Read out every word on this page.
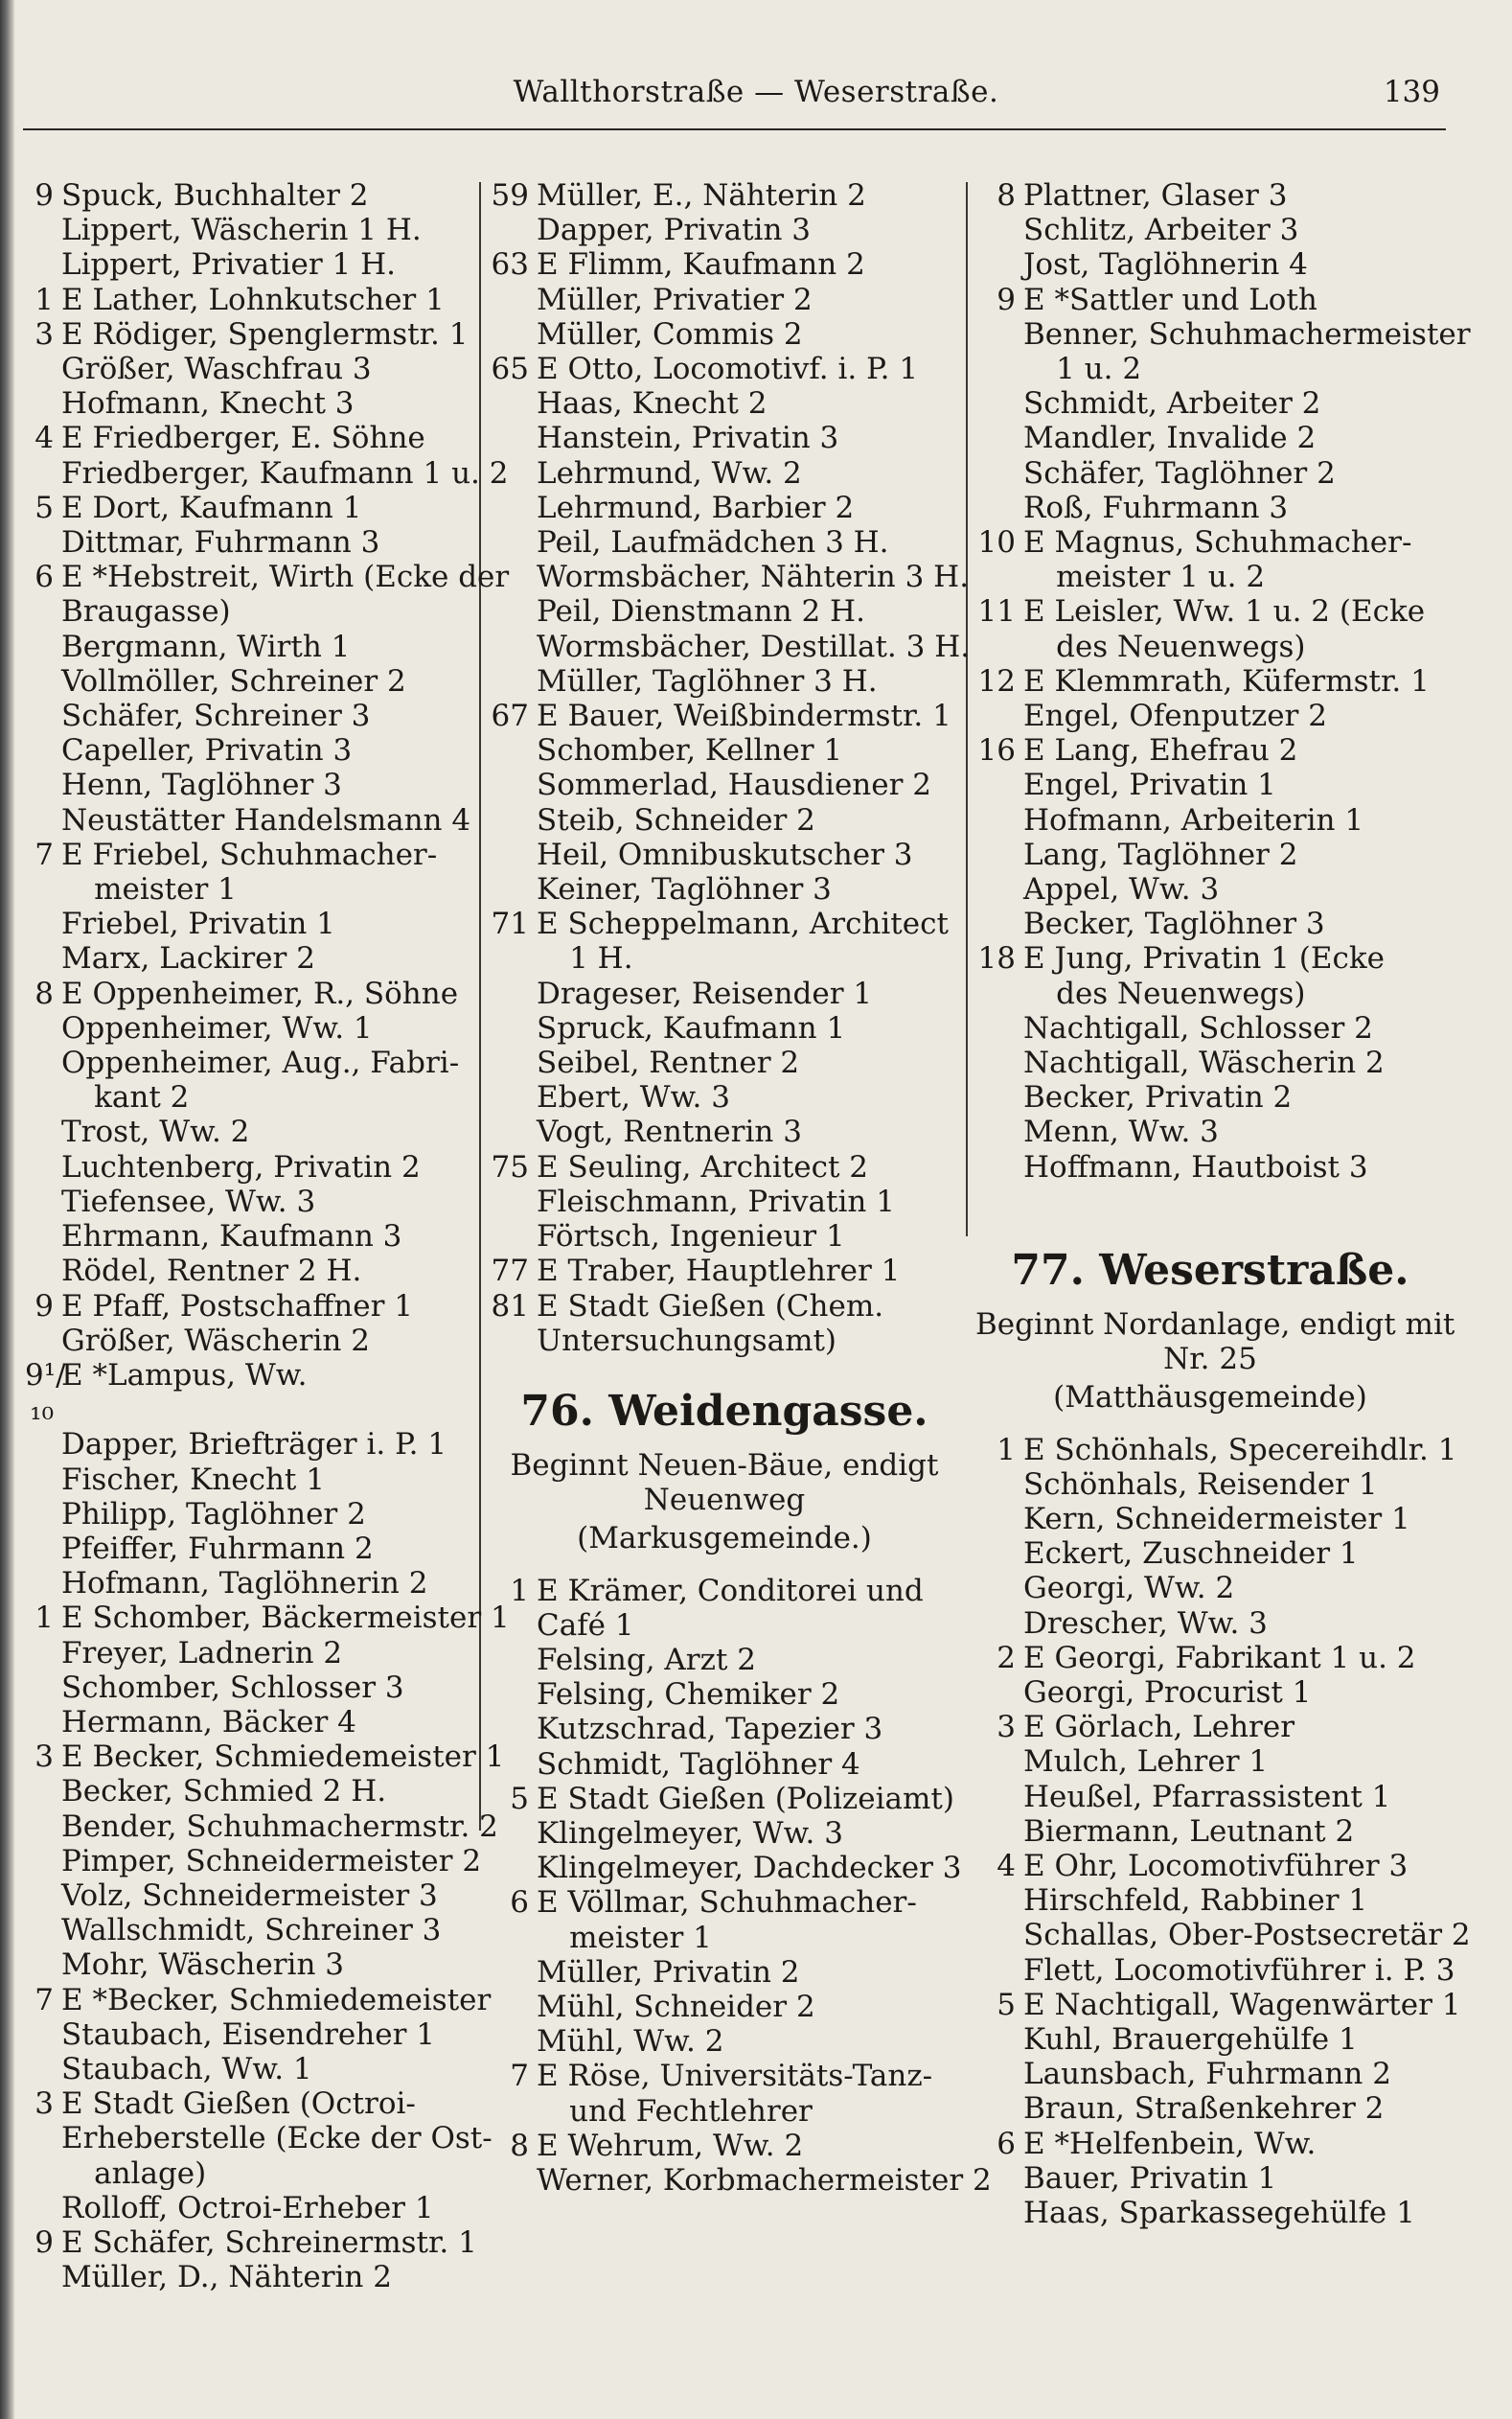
Wallthorstraße — Weserstraße.	139
9 Spuck, Buchhalter 2
Lippert, Wäscherin 1 H.
Lippert, Privatier 1 H.
1 E Lather, Lohnkutscher 1
3 E Rödiger, Spenglermstr. 1
Größer, Waschfrau 3
Hofmann, Knecht 3
4 E Friedberger, E. Söhne
Friedberger, Kaufmann 1 u. 2
5 E Dort, Kaufmann 1
Dittmar, Fuhrmann 3
6 E *Hebstreit, Wirth (Ecke der
Braugasse)
Bergmann, Wirth 1
Vollmöller, Schreiner 2
Schäfer, Schreiner 3
Capeller, Privatin 3
Henn, Taglöhner 3
Neustätter Handelsmann 4
7 E Friebel, Schuhmacher-
meister 1
Friebel, Privatin 1
Marx, Lackirer 2
8 E Oppenheimer, R., Söhne
Oppenheimer, Ww. 1
Oppenheimer, Aug., Fabri-
kant 2
Trost, Ww. 2
Luchtenberg, Privatin 2
Tiefensee, Ww. 3
Ehrmann, Kaufmann 3
Rödel, Rentner 2 H.
9 E Pfaff, Postschaffner 1
Größer, Wäscherin 2
9¹/₁₀
E *Lampus, Ww.
Dapper, Briefträger i. P. 1
Fischer, Knecht 1
Philipp, Taglöhner 2
Pfeiffer, Fuhrmann 2
Hofmann, Taglöhnerin 2
1 E Schomber, Bäckermeister 1
Freyer, Ladnerin 2
Schomber, Schlosser 3
Hermann, Bäcker 4
3 E Becker, Schmiedemeister 1
Becker, Schmied 2 H.
Bender, Schuhmachermstr. 2
Pimper, Schneidermeister 2
Volz, Schneidermeister 3
Wallschmidt, Schreiner 3
Mohr, Wäscherin 3
7 E *Becker, Schmiedemeister
Staubach, Eisendreher 1
Staubach, Ww. 1
3 E Stadt Gießen (Octroi-
Erheberstelle (Ecke der Ost-
anlage)
Rolloff, Octroi-Erheber 1
9 E Schäfer, Schreinermstr. 1
Müller, D., Nähterin 2
59 Müller, E., Nähterin 2
Dapper, Privatin 3
63 E Flimm, Kaufmann 2
Müller, Privatier 2
Müller, Commis 2
65 E Otto, Locomotivf. i. P. 1
Haas, Knecht 2
Hanstein, Privatin 3
Lehrmund, Ww. 2
Lehrmund, Barbier 2
Peil, Laufmädchen 3 H.
Wormsbächer, Nähterin 3 H.
Peil, Dienstmann 2 H.
Wormsbächer, Destillat. 3 H.
Müller, Taglöhner 3 H.
67 E Bauer, Weißbindermstr. 1
Schomber, Kellner 1
Sommerlad, Hausdiener 2
Steib, Schneider 2
Heil, Omnibuskutscher 3
Keiner, Taglöhner 3
71 E Scheppelmann, Architect
1 H.
Drageser, Reisender 1
Spruck, Kaufmann 1
Seibel, Rentner 2
Ebert, Ww. 3
Vogt, Rentnerin 3
75 E Seuling, Architect 2
Fleischmann, Privatin 1
Förtsch, Ingenieur 1
77 E Traber, Hauptlehrer 1
81 E Stadt Gießen (Chem.
Untersuchungsamt)
76. Weidengasse.
Beginnt Neuen-Bäue, endigt
Neuenweg
(Markusgemeinde.)
1 E Krämer, Conditorei und
Café 1
Felsing, Arzt 2
Felsing, Chemiker 2
Kutzschrad, Tapezier 3
Schmidt, Taglöhner 4
5 E Stadt Gießen (Polizeiamt)
Klingelmeyer, Ww. 3
Klingelmeyer, Dachdecker 3
6 E Völlmar, Schuhmacher-
meister 1
Müller, Privatin 2
Mühl, Schneider 2
Mühl, Ww. 2
7 E Röse, Universitäts-Tanz-
und Fechtlehrer
8 E Wehrum, Ww. 2
Werner, Korbmachermeister 2
8 Plattner, Glaser 3
Schlitz, Arbeiter 3
Jost, Taglöhnerin 4
9 E *Sattler und Loth
Benner, Schuhmachermeister
1 u. 2
Schmidt, Arbeiter 2
Mandler, Invalide 2
Schäfer, Taglöhner 2
Roß, Fuhrmann 3
10 E Magnus, Schuhmacher-
meister 1 u. 2
11 E Leisler, Ww. 1 u. 2 (Ecke
des Neuenwegs)
12 E Klemmrath, Küfermstr. 1
Engel, Ofenputzer 2
16 E Lang, Ehefrau 2
Engel, Privatin 1
Hofmann, Arbeiterin 1
Lang, Taglöhner 2
Appel, Ww. 3
Becker, Taglöhner 3
18 E Jung, Privatin 1 (Ecke
des Neuenwegs)
Nachtigall, Schlosser 2
Nachtigall, Wäscherin 2
Becker, Privatin 2
Menn, Ww. 3
Hoffmann, Hautboist 3
77. Weserstraße.
Beginnt Nordanlage, endigt mit
Nr. 25
(Matthäusgemeinde)
1 E Schönhals, Specereihdlr. 1
Schönhals, Reisender 1
Kern, Schneidermeister 1
Eckert, Zuschneider 1
Georgi, Ww. 2
Drescher, Ww. 3
2 E Georgi, Fabrikant 1 u. 2
Georgi, Procurist 1
3 E Görlach, Lehrer
Mulch, Lehrer 1
Heußel, Pfarrassistent 1
Biermann, Leutnant 2
4 E Ohr, Locomotivführer 3
Hirschfeld, Rabbiner 1
Schallas, Ober-Postsecretär 2
Flett, Locomotivführer i. P. 3
5 E Nachtigall, Wagenwärter 1
Kuhl, Brauergehülfe 1
Launsbach, Fuhrmann 2
Braun, Straßenkehrer 2
6 E *Helfenbein, Ww.
Bauer, Privatin 1
Haas, Sparkassegehülfe 1
